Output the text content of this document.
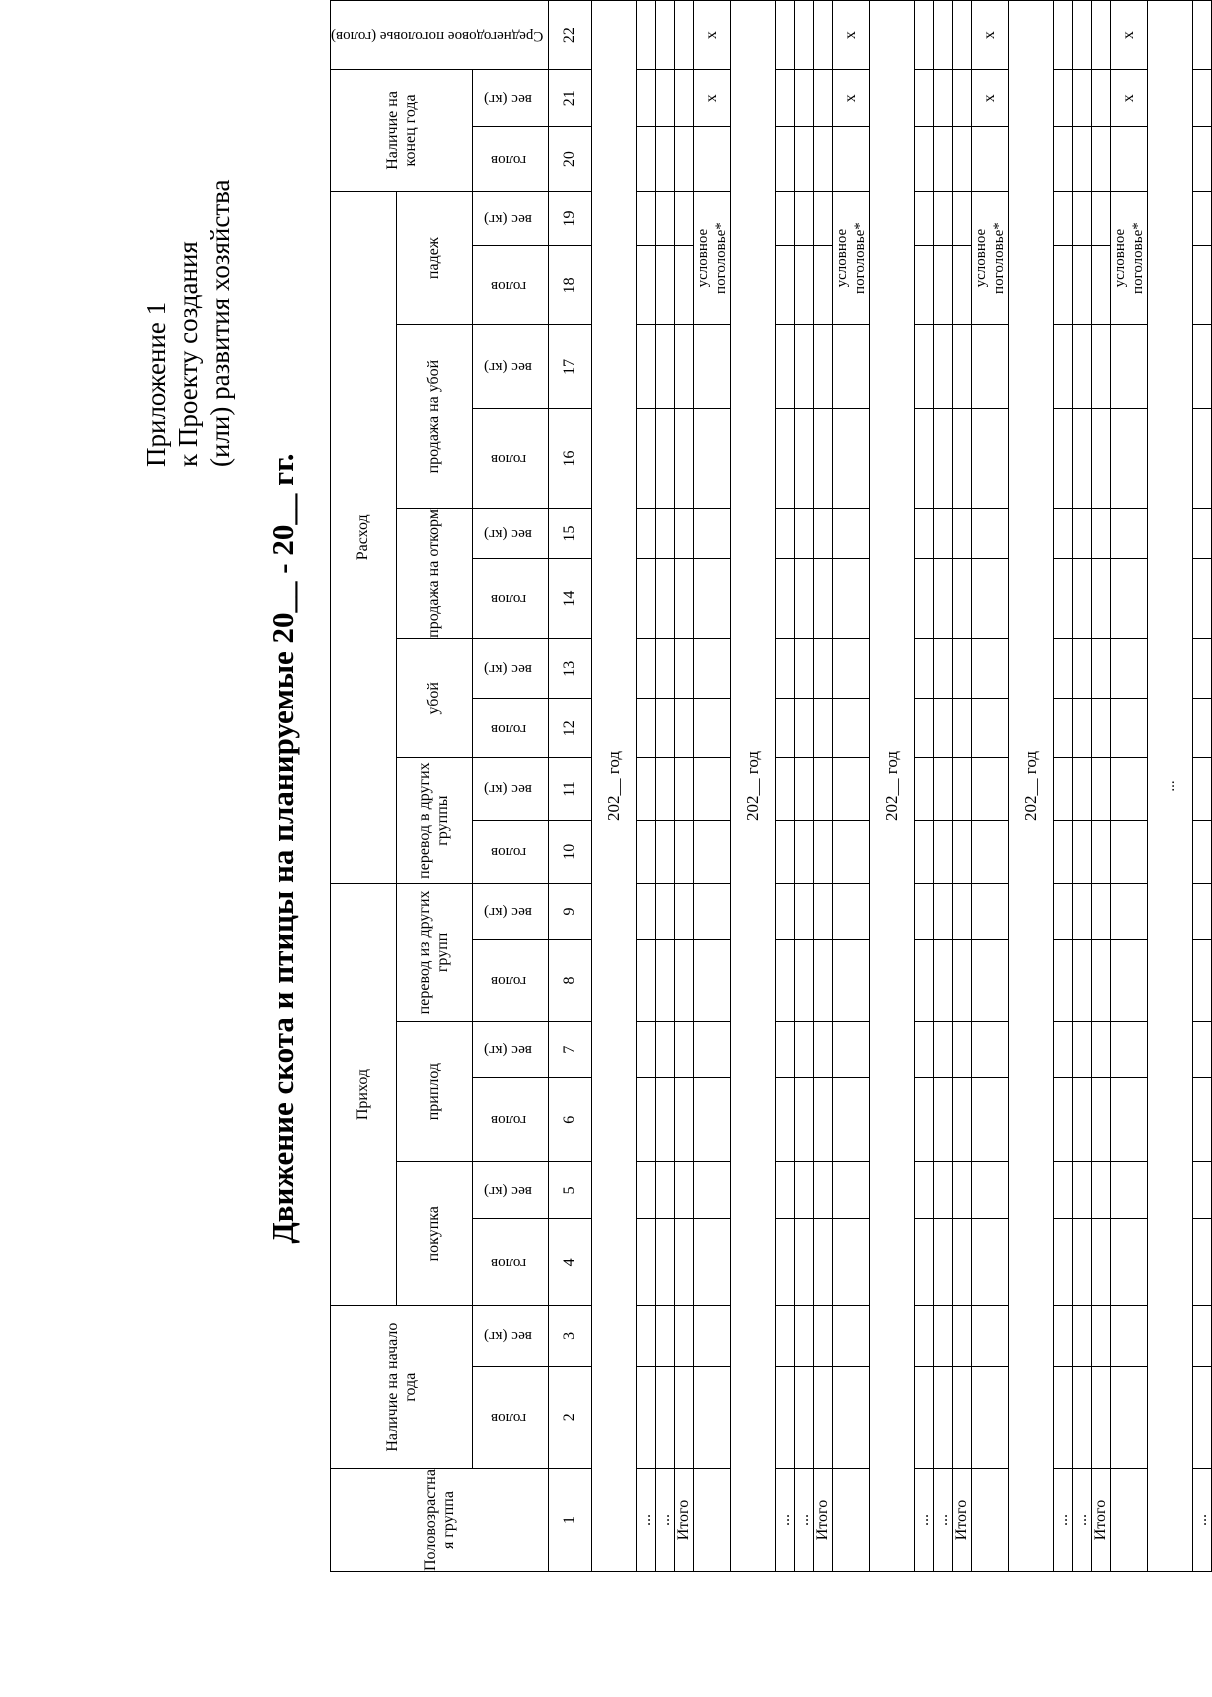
Приложение 1 к Проекту создания (или) развития хозяйства
Движение скота и птицы на планируемые 20__ - 20__ гг.
Половозрастна я группа	Наличие на начало года		Приход						Расход										Наличие на конец года		Среднегодовое поголовье (голов)
			покупка		приплод		перевод из других групп		перевод в других группы		убой		продажа на откорм		продажа на убой		падеж				
	голов	вес (кг)	голов	вес (кг)	голов	вес (кг)	голов	вес (кг)	голов	вес (кг)	голов	вес (кг)	голов	вес (кг)	голов	вес (кг)	голов	вес (кг)	голов	вес (кг)	
1	2	3	4	5	6	7	8	9	10	11	12	13	14	15	16	17	18	19	20	21	22
202__ год																					
...																					
...																					
Итого																					
																	условное поголовье*			x	x
202__ год																					
...																					
...																					
Итого																					
																	условное поголовье*			x	x
202__ год																					
...																					
...																					
Итого																					
																	условное поголовье*			x	x
202__ год																					
...																					
...																					
Итого																					
																	условное поголовье*			x	x
...																					
...																					
